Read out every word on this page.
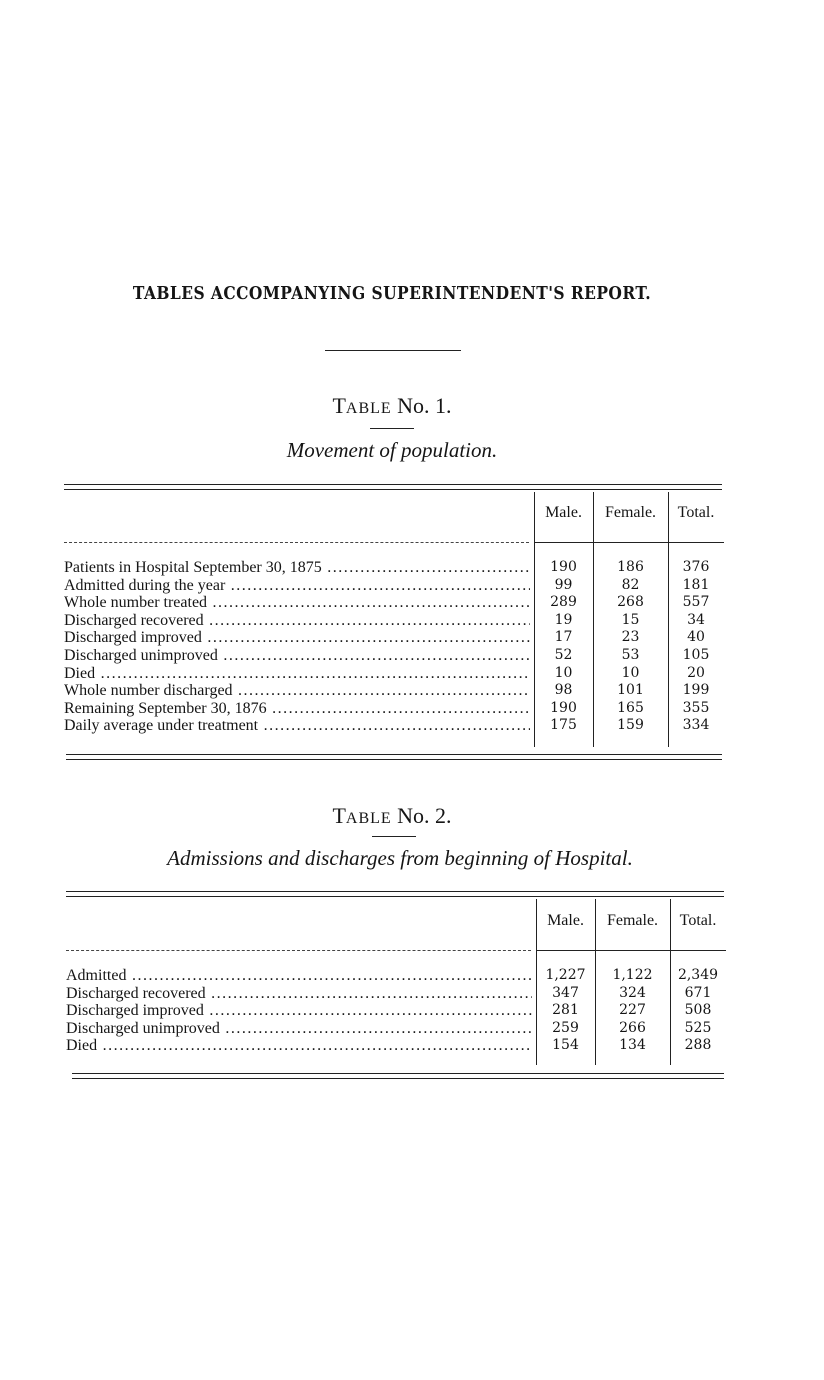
TABLES ACCOMPANYING SUPERINTENDENT'S REPORT.
TABLE No. 1.
Movement of population.
Male.	Female.	Total.
Patients in Hospital September 30, 1875 .....	190	186	376
Admitted during the year .....	99	82	181
Whole number treated .....	289	268	557
Discharged recovered .....	19	15	34
Discharged improved .....	17	23	40
Discharged unimproved .....	52	53	105
Died .....	10	10	20
Whole number discharged .....	98	101	199
Remaining September 30, 1876 .....	190	165	355
Daily average under treatment .....	175	159	334
TABLE No. 2.
Admissions and discharges from beginning of Hospital.
Male.	Female.	Total.
Admitted .....	1,227	1,122	2,349
Discharged recovered .....	347	324	671
Discharged improved .....	281	227	508
Discharged unimproved .....	259	266	525
Died .....	154	134	288
